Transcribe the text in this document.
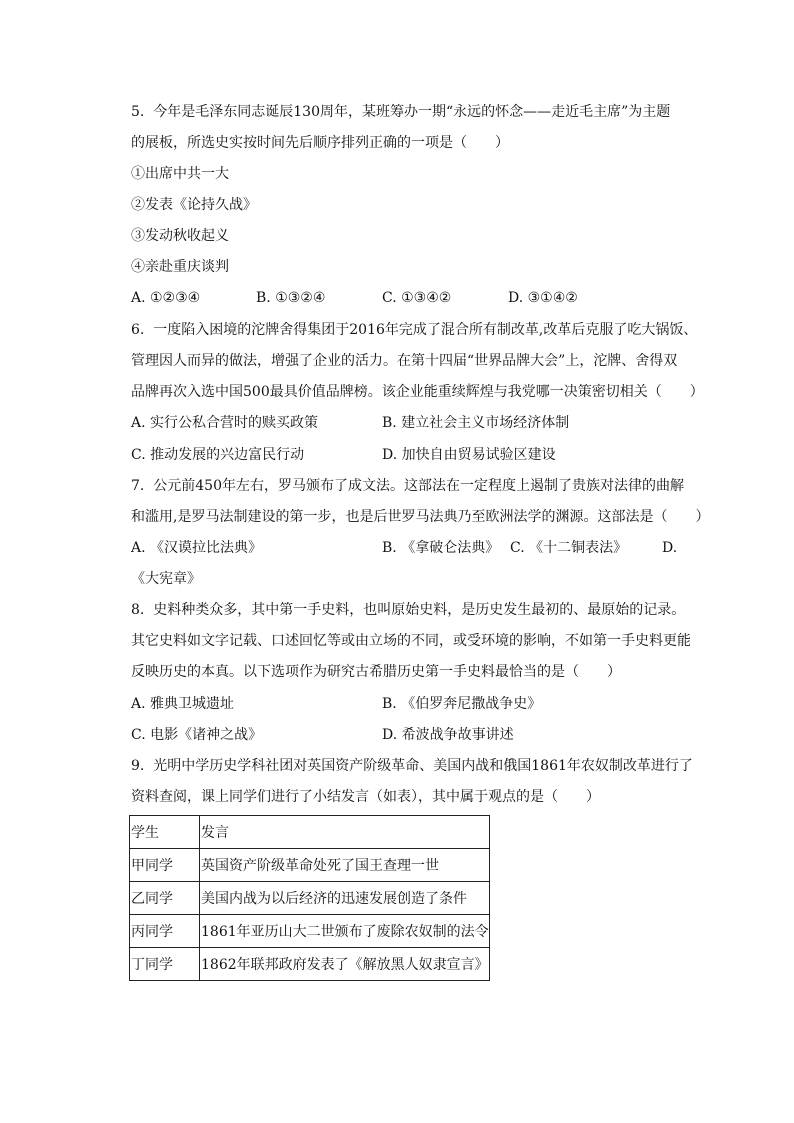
5.  今年是毛泽东同志诞辰130周年，某班筹办一期“永远的怀念——走近毛主席”为主题
的展板，所选史实按时间先后顺序排列正确的一项是（　　）
①出席中共一大
②发表《论持久战》
③发动秋收起义
④亲赴重庆谈判
A. ①②③④	B. ①③②④	C. ①③④②	D. ③①④②
6.  一度陷入困境的沱牌舍得集团于2016年完成了混合所有制改革,改革后克服了吃大锅饭、
管理因人而异的做法，增强了企业的活力。在第十四届“世界品牌大会”上，沱牌、舍得双
品牌再次入选中国500最具价值品牌榜。该企业能重续辉煌与我党哪一决策密切相关（　　）
A. 实行公私合营时的赎买政策	B. 建立社会主义市场经济体制
C. 推动发展的兴边富民行动	D. 加快自由贸易试验区建设
7.  公元前450年左右，罗马颁布了成文法。这部法在一定程度上遏制了贵族对法律的曲解
和滥用,是罗马法制建设的第一步，也是后世罗马法典乃至欧洲法学的渊源。这部法是（　　）
A. 《汉谟拉比法典》	B. 《拿破仑法典》 C. 《十二铜表法》 D.
《大宪章》
8.  史料种类众多，其中第一手史料，也叫原始史料，是历史发生最初的、最原始的记录。
其它史料如文字记载、口述回忆等或由立场的不同，或受环境的影响，不如第一手史料更能
反映历史的本真。以下选项作为研究古希腊历史第一手史料最恰当的是（　　）
A. 雅典卫城遗址	B. 《伯罗奔尼撒战争史》
C. 电影《诸神之战》	D. 希波战争故事讲述
9.  光明中学历史学科社团对英国资产阶级革命、美国内战和俄国1861年农奴制改革进行了
资料查阅，课上同学们进行了小结发言（如表），其中属于观点的是（　　）
学生	发言
甲同学	英国资产阶级革命处死了国王查理一世
乙同学	美国内战为以后经济的迅速发展创造了条件
丙同学	1861年亚历山大二世颁布了废除农奴制的法令
丁同学	1862年联邦政府发表了《解放黑人奴隶宣言》
